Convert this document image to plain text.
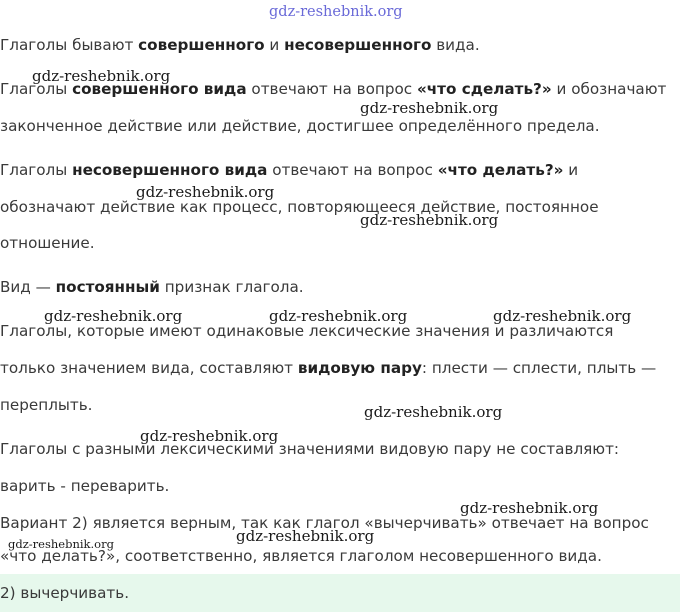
gdz-reshebnik.org
gdz-reshebnik.org
gdz-reshebnik.org
gdz-reshebnik.org
gdz-reshebnik.org
gdz-reshebnik.org	gdz-reshebnik.org	gdz-reshebnik.org
gdz-reshebnik.org
gdz-reshebnik.org
gdz-reshebnik.org
gdz-reshebnik.org	gdz-reshebnik.org
Глаголы бывают совершенного и несовершенного вида.
Глаголы совершенного вида отвечают на вопрос «что сделать?» и обозначают
законченное действие или действие, достигшее определённого предела.
Глаголы несовершенного вида отвечают на вопрос «что делать?» и
обозначают действие как процесс, повторяющееся действие, постоянное
отношение.
Вид — постоянный признак глагола.
Глаголы, которые имеют одинаковые лексические значения и различаются
только значением вида, составляют видовую пару: плести — сплести, плыть —
переплыть.
Глаголы с разными лексическими значениями видовую пару не составляют:
варить - переварить.
Вариант 2) является верным, так как глагол «вычерчивать» отвечает на вопрос
«что делать?», соответственно, является глаголом несовершенного вида.
2) вычерчивать.
